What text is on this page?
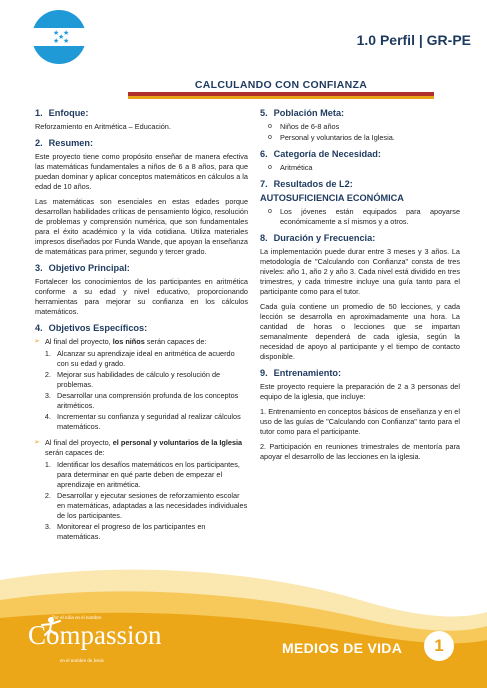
★ ★
★
★ ★	1.0 Perfil | GR-PE
CALCULANDO CON CONFIANZA
1. Enfoque:

Reforzamiento en Aritmética – Educación.

2. Resumen:

Este proyecto tiene como propósito enseñar de manera efectiva las matemáticas fundamentales a niños de 6 a 8 años, para que puedan dominar y aplicar conceptos matemáticos en cálculos a la edad de 10 años.

Las matemáticas son esenciales en estas edades porque desarrollan habilidades críticas de pensamiento lógico, resolución de problemas y comprensión numérica, que son fundamentales para el éxito académico y la vida cotidiana. Utiliza materiales impresos diseñados por Funda Wande, que apoyan la enseñanza de matemáticas para primer, segundo y tercer grado.

3. Objetivo Principal:

Fortalecer los conocimientos de los participantes en aritmética conforme a su edad y nivel educativo, proporcionando herramientas para mejorar su confianza en los cálculos matemáticos.

4. Objetivos Específicos:
➢ Al final del proyecto, los niños serán capaces de:
1. Alcanzar su aprendizaje ideal en aritmética de acuerdo con su edad y grado.
2. Mejorar sus habilidades de cálculo y resolución de problemas.
3. Desarrollar una comprensión profunda de los conceptos aritméticos.
4. Incrementar su confianza y seguridad al realizar cálculos matemáticos.
➢ Al final del proyecto, el personal y voluntarios de la Iglesia serán capaces de:
1. Identificar los desafíos matemáticos en los participantes, para determinar en qué parte deben de empezar el aprendizaje en aritmética.
2. Desarrollar y ejecutar sesiones de reforzamiento escolar en matemáticas, adaptadas a las necesidades individuales de los participantes.
3. Monitorear el progreso de los participantes en matemáticas.
5. Población Meta:
o Niños de 6-8 años
o Personal y voluntarios de la Iglesia.
6. Categoría de Necesidad:
o Aritmética
7. Resultados de L2:
AUTOSUFICIENCIA ECONÓMICA
o Los jóvenes están equipados para apoyarse económicamente a sí mismos y a otros.
8. Duración y Frecuencia:

La implementación puede durar entre 3 meses y 3 años. La metodología de "Calculando con Confianza" consta de tres niveles: año 1, año 2 y año 3. Cada nivel está dividido en tres trimestres, y cada trimestre incluye una guía tanto para el participante como para el tutor.

Cada guía contiene un promedio de 50 lecciones, y cada lección se desarrolla en aproximadamente una hora. La cantidad de horas o lecciones que se impartan semanalmente dependerá de cada iglesia, según la necesidad de apoyo al participante y el tiempo de contacto disponible.

9. Entrenamiento:

Este proyecto requiere la preparación de 2 a 3 personas del equipo de la iglesia, que incluye:

1. Entrenamiento en conceptos básicos de enseñanza y en el uso de las guías de "Calculando con Confianza" tanto para el tutor como para el participante.

2. Participación en reuniones trimestrales de mentoría para apoyar el desarrollo de las lecciones en la iglesia.

Por el niño en el nombre
Compassion
en el nombre de Jesús
MEDIOS DE VIDA	1
